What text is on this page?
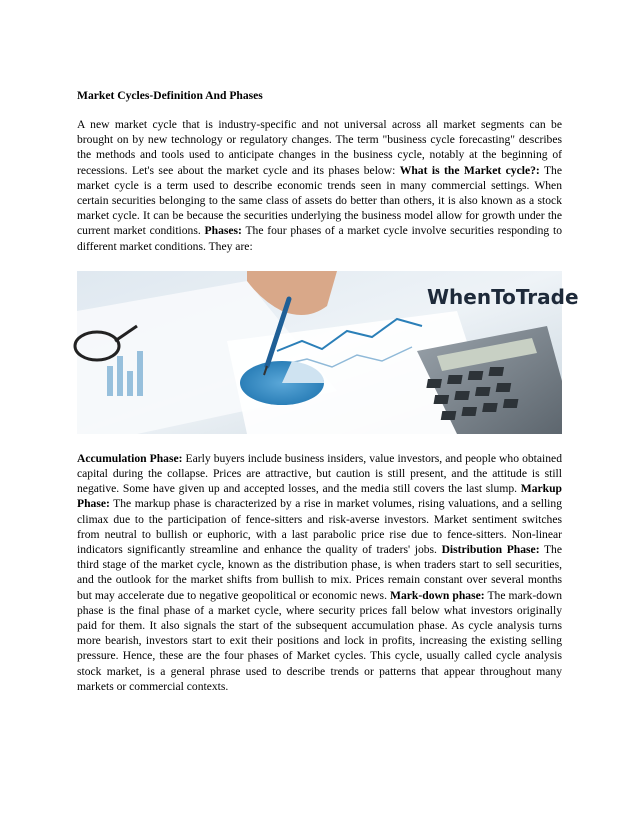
Market Cycles-Definition And Phases

A new market cycle that is industry-specific and not universal across all market segments can be brought on by new technology or regulatory changes. The term "business cycle forecasting" describes the methods and tools used to anticipate changes in the business cycle, notably at the beginning of recessions. Let's see about the market cycle and its phases below: What is the Market cycle?: The market cycle is a term used to describe economic trends seen in many commercial settings. When certain securities belonging to the same class of assets do better than others, it is also known as a stock market cycle. It can be because the securities underlying the business model allow for growth under the current market conditions. Phases: The four phases of a market cycle involve securities responding to different market conditions. They are:

WhenToTrade

Accumulation Phase: Early buyers include business insiders, value investors, and people who obtained capital during the collapse. Prices are attractive, but caution is still present, and the attitude is still negative. Some have given up and accepted losses, and the media still covers the last slump. Markup Phase: The markup phase is characterized by a rise in market volumes, rising valuations, and a selling climax due to the participation of fence-sitters and risk-averse investors. Market sentiment switches from neutral to bullish or euphoric, with a last parabolic price rise due to fence-sitters. Non-linear indicators significantly streamline and enhance the quality of traders' jobs. Distribution Phase: The third stage of the market cycle, known as the distribution phase, is when traders start to sell securities, and the outlook for the market shifts from bullish to mix. Prices remain constant over several months but may accelerate due to negative geopolitical or economic news. Mark-down phase: The mark-down phase is the final phase of a market cycle, where security prices fall below what investors originally paid for them. It also signals the start of the subsequent accumulation phase. As cycle analysis turns more bearish, investors start to exit their positions and lock in profits, increasing the existing selling pressure. Hence, these are the four phases of Market cycles. This cycle, usually called cycle analysis stock market, is a general phrase used to describe trends or patterns that appear throughout many markets or commercial contexts.
